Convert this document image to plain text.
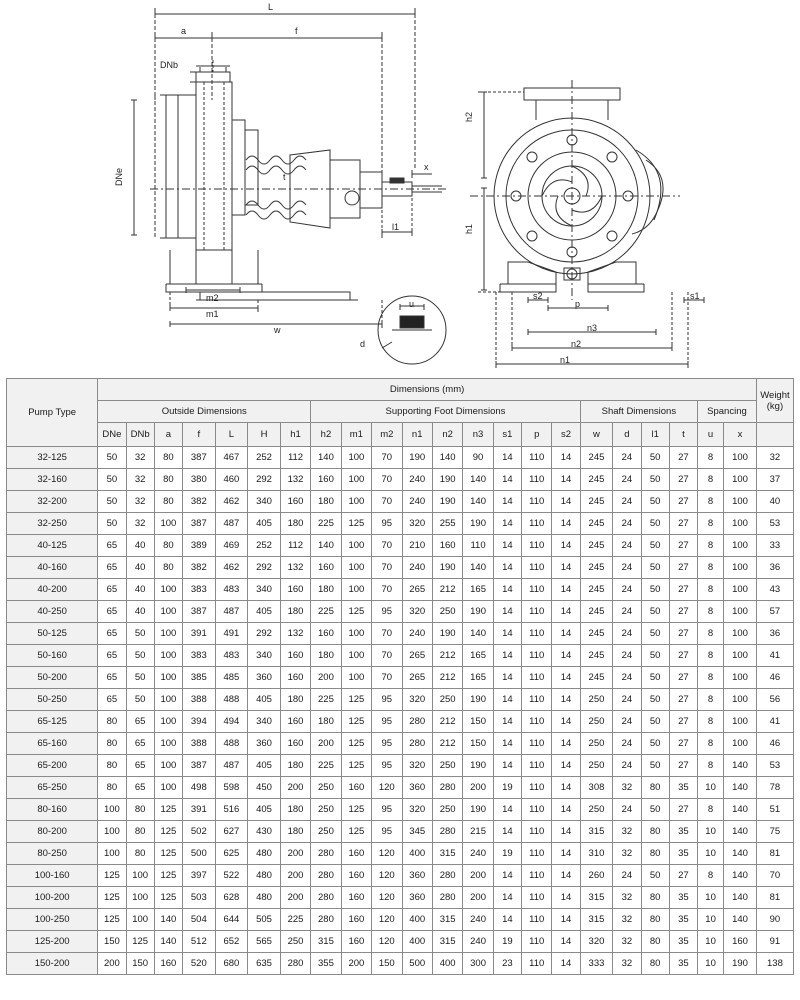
L
a	f
DNb
DNe
x
l1
m2
m1
w
u
d
t
h2
h1
s2
p
s1
n3
n2
n1
Pump Type	Dimensions (mm)																						Weight
(kg)

	Outside Dimensions							Supporting Foot Dimensions									Shaft Dimensions				Spancing		
	DNe	DNb	a	f	L	H	h1	h2	m1	m2	n1	n2	n3	s1	p	s2	w	d	l1	t	u	x	
32-125	50	32	80	387	467	252	112	140	100	70	190	140	90	14	110	14	245	24	50	27	8	100	32
32-160	50	32	80	380	460	292	132	160	100	70	240	190	140	14	110	14	245	24	50	27	8	100	37
32-200	50	32	80	382	462	340	160	180	100	70	240	190	140	14	110	14	245	24	50	27	8	100	40
32-250	50	32	100	387	487	405	180	225	125	95	320	255	190	14	110	14	245	24	50	27	8	100	53
40-125	65	40	80	389	469	252	112	140	100	70	210	160	110	14	110	14	245	24	50	27	8	100	33
40-160	65	40	80	382	462	292	132	160	100	70	240	190	140	14	110	14	245	24	50	27	8	100	36
40-200	65	40	100	383	483	340	160	180	100	70	265	212	165	14	110	14	245	24	50	27	8	100	43
40-250	65	40	100	387	487	405	180	225	125	95	320	250	190	14	110	14	245	24	50	27	8	100	57
50-125	65	50	100	391	491	292	132	160	100	70	240	190	140	14	110	14	245	24	50	27	8	100	36
50-160	65	50	100	383	483	340	160	180	100	70	265	212	165	14	110	14	245	24	50	27	8	100	41
50-200	65	50	100	385	485	360	160	200	100	70	265	212	165	14	110	14	245	24	50	27	8	100	46
50-250	65	50	100	388	488	405	180	225	125	95	320	250	190	14	110	14	250	24	50	27	8	100	56
65-125	80	65	100	394	494	340	160	180	125	95	280	212	150	14	110	14	250	24	50	27	8	100	41
65-160	80	65	100	388	488	360	160	200	125	95	280	212	150	14	110	14	250	24	50	27	8	100	46
65-200	80	65	100	387	487	405	180	225	125	95	320	250	190	14	110	14	250	24	50	27	8	140	53
65-250	80	65	100	498	598	450	200	250	160	120	360	280	200	19	110	14	308	32	80	35	10	140	78
80-160	100	80	125	391	516	405	180	250	125	95	320	250	190	14	110	14	250	24	50	27	8	140	51
80-200	100	80	125	502	627	430	180	250	125	95	345	280	215	14	110	14	315	32	80	35	10	140	75
80-250	100	80	125	500	625	480	200	280	160	120	400	315	240	19	110	14	310	32	80	35	10	140	81
100-160	125	100	125	397	522	480	200	280	160	120	360	280	200	14	110	14	260	24	50	27	8	140	70
100-200	125	100	125	503	628	480	200	280	160	120	360	280	200	14	110	14	315	32	80	35	10	140	81
100-250	125	100	140	504	644	505	225	280	160	120	400	315	240	14	110	14	315	32	80	35	10	140	90
125-200	150	125	140	512	652	565	250	315	160	120	400	315	240	19	110	14	320	32	80	35	10	160	91
150-200	200	150	160	520	680	635	280	355	200	150	500	400	300	23	110	14	333	32	80	35	10	190	138
